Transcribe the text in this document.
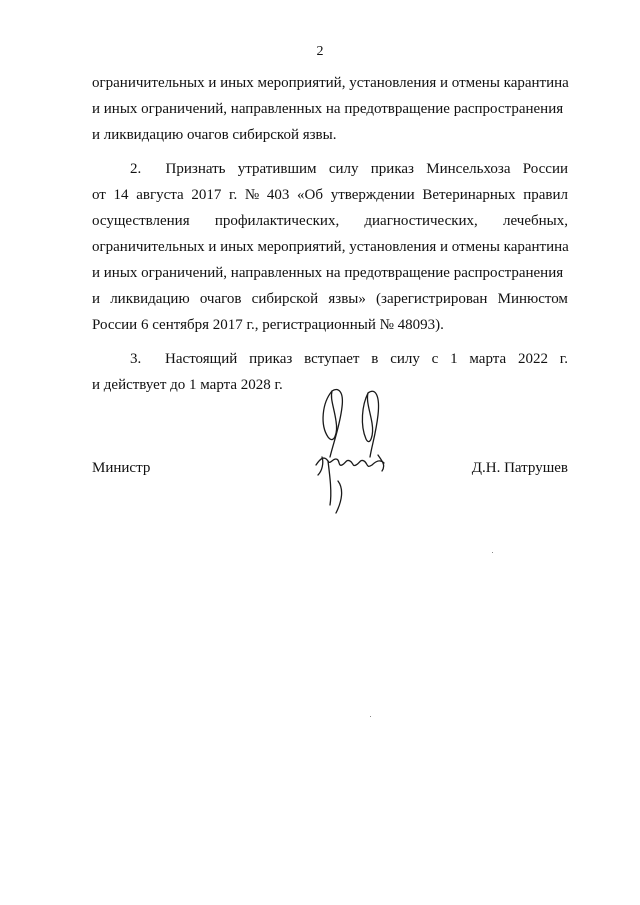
2
ограничительных и иных мероприятий, установления и отмены карантина
и иных ограничений, направленных на предотвращение распространения
и ликвидацию очагов сибирской язвы.
2. Признать утратившим силу приказ Минсельхоза России
от 14 августа 2017 г. № 403 «Об утверждении Ветеринарных правил
осуществления профилактических, диагностических, лечебных,
ограничительных и иных мероприятий, установления и отмены карантина
и иных ограничений, направленных на предотвращение распространения
и ликвидацию очагов сибирской язвы» (зарегистрирован Минюстом
России 6 сентября 2017 г., регистрационный № 48093).
3. Настоящий приказ вступает в силу с 1 марта 2022 г.
и действует до 1 марта 2028 г.
Министр	Д.Н. Патрушев
